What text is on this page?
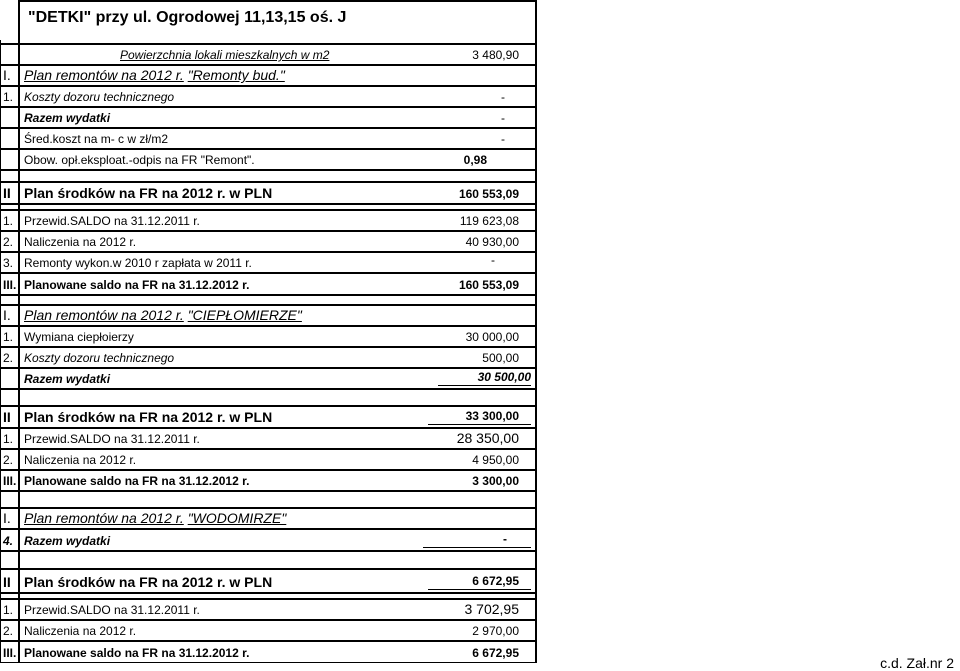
"DETKI" przy ul. Ogrodowej 11,13,15 oś. J
Powierzchnia lokali mieszkalnych w m2	3 480,90
I. Plan remontów na 2012 r. "Remonty bud."
1. Koszty dozoru technicznego	-
Razem wydatki	-
Śred.koszt na m- c w zł/m2	-
Obow. opł.eksploat.-odpis na FR "Remont".	0,98
II Plan środków na FR na 2012 r. w PLN	160 553,09
1. Przewid.SALDO na 31.12.2011 r.	119 623,08
2. Naliczenia na 2012 r.	40 930,00
3. Remonty wykon.w 2010 r zapłata w 2011 r.	-
III. Planowane saldo na FR na 31.12.2012 r.	160 553,09
I. Plan remontów na 2012 r. "CIEPŁOMIERZE"
1. Wymiana ciepłoierzy	30 000,00
2. Koszty dozoru technicznego	500,00
Razem wydatki	30 500,00
II Plan środków na FR na 2012 r. w PLN	33 300,00
1. Przewid.SALDO na 31.12.2011 r.	28 350,00
2. Naliczenia na 2012 r.	4 950,00
III. Planowane saldo na FR na 31.12.2012 r.	3 300,00
I. Plan remontów na 2012 r. "WODOMIRZE"
4. Razem wydatki	-
II Plan środków na FR na 2012 r. w PLN	6 672,95
1. Przewid.SALDO na 31.12.2011 r.	3 702,95
2. Naliczenia na 2012 r.	2 970,00
III. Planowane saldo na FR na 31.12.2012 r.	6 672,95
c.d. Zał.nr 2
